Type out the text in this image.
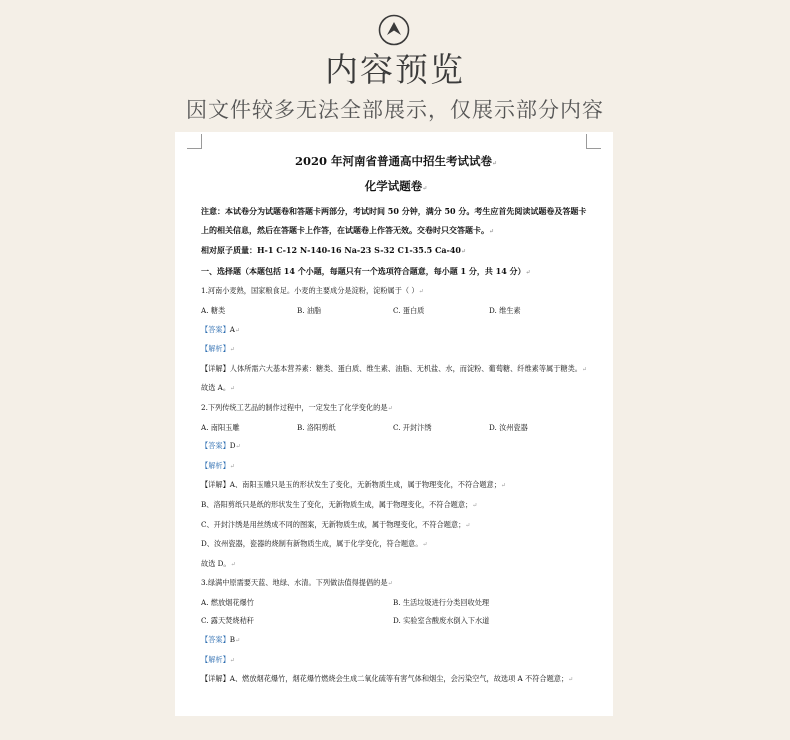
内容预览
因文件较多无法全部展示，仅展示部分内容
2020 年河南省普通高中招生考试试卷↵
化学试题卷↵

注意：本试卷分为试题卷和答题卡两部分，考试时间 50 分钟，满分 50 分。考生应首先阅读试题卷及答题卡上的相关信息，然后在答题卡上作答，在试题卷上作答无效。交卷时只交答题卡。↵

相对原子质量：H-1 C-12 N-140-16 Na-23 S-32 C1-35.5 Ca-40↵

一、选择题（本题包括 14 个小题，每题只有一个选项符合题意，每小题 1 分，共 14 分）↵

1.河南小麦熟，国家粮食足。小麦的主要成分是淀粉，淀粉属于（ ）↵

A. 糖类	B. 油脂	C. 蛋白质	D. 维生素

【答案】A↵

【解析】↵

【详解】人体所需六大基本营养素：糖类、蛋白质、维生素、油脂、无机盐、水，而淀粉、葡萄糖、纤维素等属于糖类。↵

故选 A。↵

2.下列传统工艺品的制作过程中，一定发生了化学变化的是↵

A. 南阳玉雕	B. 洛阳剪纸	C. 开封汴绣	D. 汝州瓷器

【答案】D↵

【解析】↵

【详解】A、南阳玉雕只是玉的形状发生了变化，无新物质生成，属于物理变化，不符合题意；↵

B、洛阳剪纸只是纸的形状发生了变化，无新物质生成，属于物理变化，不符合题意；↵

C、开封汴绣是用丝绣成不同的图案，无新物质生成，属于物理变化，不符合题意；↵

D、汝州瓷器，瓷器的烧制有新物质生成，属于化学变化，符合题意。↵

故选 D。↵

3.绿满中原需要天蓝、地绿、水清。下列做法值得提倡的是↵

A. 燃放烟花爆竹	B. 生活垃圾进行分类回收处理
C. 露天焚烧秸秆	D. 实验室含酸废水倒入下水道

【答案】B↵

【解析】↵

【详解】A、燃放烟花爆竹，烟花爆竹燃烧会生成二氧化硫等有害气体和烟尘，会污染空气，故选项 A 不符合题意；↵
